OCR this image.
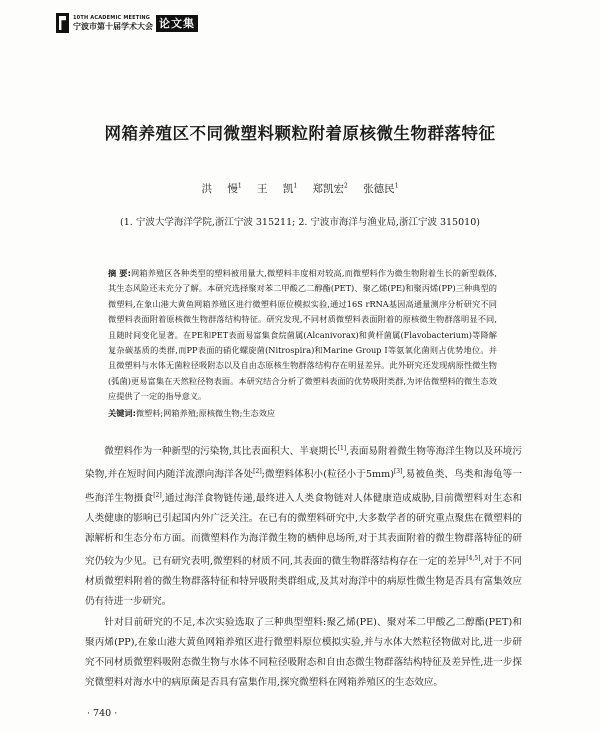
10TH ACADEMIC MEETING
宁波市第十届学术大会 论文集
网箱养殖区不同微塑料颗粒附着原核微生物群落特征
洪 慢$^1$ 王 凯$^1$ 郑凯宏$^2$ 张德民$^1$
(1. 宁波大学海洋学院,浙江宁波 315211; 2. 宁波市海洋与渔业局,浙江宁波 315010)
摘 要:网箱养殖区各种类型的塑料被用量大,微塑料丰度相对较高,而微塑料作为微生物附着生长的新型载体,其生态风险还未充分了解。本研究选择聚对苯二甲酸乙二醇酯(PET)、聚乙烯(PE)和聚丙烯(PP)三种典型的微塑料,在象山港大黄鱼网箱养殖区进行微塑料原位模拟实验,通过16S rRNA基因高通量测序分析研究不同微塑料表面附着原核微生物群落结构特征。研究发现,不同材质微塑料表面附着的原核微生物群落明显不同,且随时间变化显著。在PE和PET表面易富集食烷菌属(Alcanivorax)和黄杆菌属(Flavobacterium)等降解复杂碳基质的类群,而PP表面的硝化螺旋菌(Nitrospira)和Marine Group I等氨氧化菌则占优势地位。并且微塑料与水体无菌粒径吸附态以及自由态原核生物群落结构存在明显差异。此外研究还发现病原性微生物(弧菌)更易富集在天然粒径物表面。本研究结合分析了微塑料表面的优势吸附类群,为评估微塑料的微生态效应提供了一定的指导意义。
关键词:微塑料;网箱养殖;原核微生物;生态效应

微塑料作为一种新型的污染物,其比表面积大、半衰期长[1],表面易附着微生物等海洋生物以及环境污染物,并在短时间内随洋流漂向海洋各处[2];微塑料体积小(粒径小于5mm)[3],易被鱼类、鸟类和海龟等一些海洋生物摄食[2],通过海洋食物链传递,最终进入人类食物链对人体健康造成威胁,目前微塑料对生态和人类健康的影响已引起国内外广泛关注。在已有的微塑料研究中,大多数学者的研究重点聚焦在微塑料的源解析和生态分布方面。而微塑料作为海洋微生物的栖伸息场所,对于其表面附着的微生物群落特征的研究仍较为少见。已有研究表明,微塑料的材质不同,其表面的微生物群落结构存在一定的差异[4,5],对于不同材质微塑料附着的微生物群落特征和特异吸附类群组成,及其对海洋中的病原性微生物是否具有富集效应仍有待进一步研究。

针对目前研究的不足,本次实验选取了三种典型塑料:聚乙烯(PE)、聚对苯二甲酸乙二醇酯(PET)和聚丙烯(PP),在象山港大黄鱼网箱养殖区进行微塑料原位模拟实验,并与水体大然粒径物做对比,进一步研究不同材质微塑料吸附态微生物与水体不同粒径吸附态和自由态微生物群落结构特征及差异性,进一步探究微塑料对海水中的病原菌是否具有富集作用,探究微塑料在网箱养殖区的生态效应。

· 740 ·
